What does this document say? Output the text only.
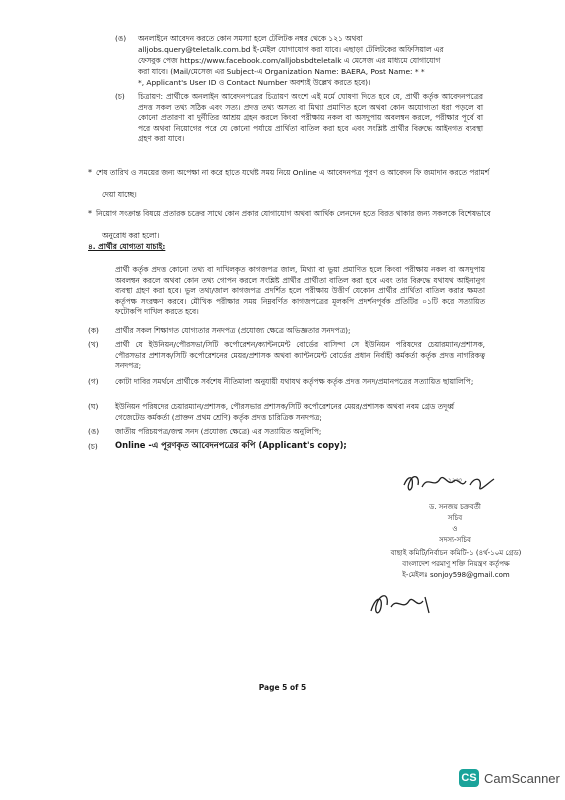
(ঙ) অনলাইনে আবেদন করতে কোন সমস্যা হলে টেলিটক নম্বর থেকে ১২১ অথবা
alljobs.query@teletalk.com.bd ই-মেইল যোগাযোগ করা যাবে। এছাড়া টেলিটকের অফিসিয়াল এর
ফেসবুক পেজ https://www.facebook.com/alljobsbdteletalk এ মেসেজ এর মাধ্যমে যোগাযোগ
করা যাবে। (Mail/মেসেজ এর Subject-এ Organization Name: BAERA, Post Name: * *
*, Applicant's User ID ও Contact Number অবশ্যই উল্লেখ করতে হবে)।
(চ) চিত্রায়ণ: প্রার্থীকে অনলাইন আবেদনপত্রের চিত্রায়ণ অংশে এই মর্মে ঘোষণা দিতে হবে যে, প্রার্থী কর্তৃক আবেদনপত্রের প্রদত্ত সকল তথ্য সঠিক এবং সত্য। প্রদত্ত তথ্য অসত্য বা মিথ্যা প্রমাণিত হলে অথবা কোন অযোগ্যতা ধরা পড়লে বা কোনো প্রতারণা বা দুর্নীতির আশ্রয় গ্রহন করলে কিংবা পরীক্ষায় নকল বা অসদুপায় অবলম্বন করলে, পরীক্ষার পূর্বে বা পরে অথবা নিয়োগের পরে যে কোনো পর্যায়ে প্রার্থিতা বাতিল করা হবে এবং সংশ্লিষ্ট প্রার্থীর বিরুদ্ধে আইনগত ব্যবস্থা গ্রহণ করা যাবে।
* শেষ তারিখ ও সময়ের জন্য অপেক্ষা না করে হাতে যথেষ্ট সময় নিয়ে Online এ আবেদনপত্র পূরণ ও আবেদন ফি জমাদান করতে পরামর্শ
দেয়া যাচ্ছে।
* নিয়োগ সংক্রান্ত বিষয়ে প্রতারক চক্রের সাথে কোন প্রকার যোগাযোগ অথবা আর্থিক লেনদেন হতে বিরত থাকার জন্য সকলকে বিশেষভাবে
অনুরোধ করা হলো।
৪. প্রার্থীর যোগ্যতা যাচাই:
প্রার্থী কর্তৃক প্রদত্ত কোনো তথ্য বা দাখিলকৃত কাগজপত্র জাল, মিথ্যা বা ভুয়া প্রমাণিত হলে কিংবা পরীক্ষায় নকল বা অসদুপায় অবলম্বন করলে অথবা কোন তথ্য গোপন করলে সংশ্লিষ্ট প্রার্থীর প্রার্থীতা বাতিল করা হবে এবং তার বিরুদ্ধে যথাযথ আইনানুগ ব্যবস্থা গ্রহণ করা হবে। ভুল তথ্য/জাল কাগজপত্র প্রদর্শিত হলে পরীক্ষায় উত্তীর্ণ যেকোন প্রার্থীর প্রার্থিতা বাতিল করার ক্ষমতা কর্তৃপক্ষ সংরক্ষণ করবে। মৌখিক পরীক্ষার সময় নিম্নবর্ণিত কাগজপত্রের মূলকপি প্রদর্শনপূর্বক প্রতিটির ০১টি করে সত্যায়িত ফটোকপি দাখিল করতে হবে।
(ক) প্রার্থীর সকল শিক্ষাগত যোগ্যতার সনদপত্র (প্রযোজ্য ক্ষেত্রে অভিজ্ঞতার সনদপত্র);
(খ) প্রার্থী যে ইউনিয়ন/পৌরসভা/সিটি কর্পোরেশন/ক্যান্টনমেন্ট বোর্ডের বাসিন্দা সে ইউনিয়ন পরিষদের চেয়ারম্যান/প্রশাসক, পৌরসভার প্রশাসক/সিটি কর্পোরেশনের মেয়র/প্রশাসক অথবা ক্যান্টনমেন্ট বোর্ডের প্রধান নির্বাহী কর্মকর্তা কর্তৃক প্রদত্ত নাগরিকত্ব সনদপত্র;
(গ) কোটা দাবির সমর্থনে প্রার্থীকে সর্বশেষ নীতিমালা অনুযায়ী যথাযথ কর্তৃপক্ষ কর্তৃক প্রদত্ত সনদ/প্রমানপত্রের সত্যায়িত ছায়ালিপি;
(ঘ) ইউনিয়ন পরিষদের চেয়ারম্যান/প্রশাসক, পৌরসভার প্রশাসক/সিটি কর্পোরেশনের মেয়র/প্রশাসক অথবা নবম গ্রেড তদূর্ধ্ব গেজেটেড কর্মকর্তা (প্রাক্তন প্রথম শ্রেণি) কর্তৃক প্রদত্ত চারিত্রিক সনদপত্র;
(ঙ) জাতীয় পরিচয়পত্র/জন্ম সনদ (প্রযোজ্য ক্ষেত্রে) এর সত্যায়িত অনুলিপি;
(চ) Online -এ পূরণকৃত আবেদনপত্রের কপি (Applicant's copy);
১২।৩
ড. সনজয় চক্রবর্তী
সচিব
ও
সদস্য-সচিব
বাছাই কমিটি/নির্বাচন কমিটি-১ (৪র্থ-১০ম গ্রেড)
বাংলাদেশ পরমাণু শক্তি নিয়ন্ত্রণ কর্তৃপক্ষ
ই-মেইলঃ sonjoy598@gmail.com
Page 5 of 5
CS CamScanner
